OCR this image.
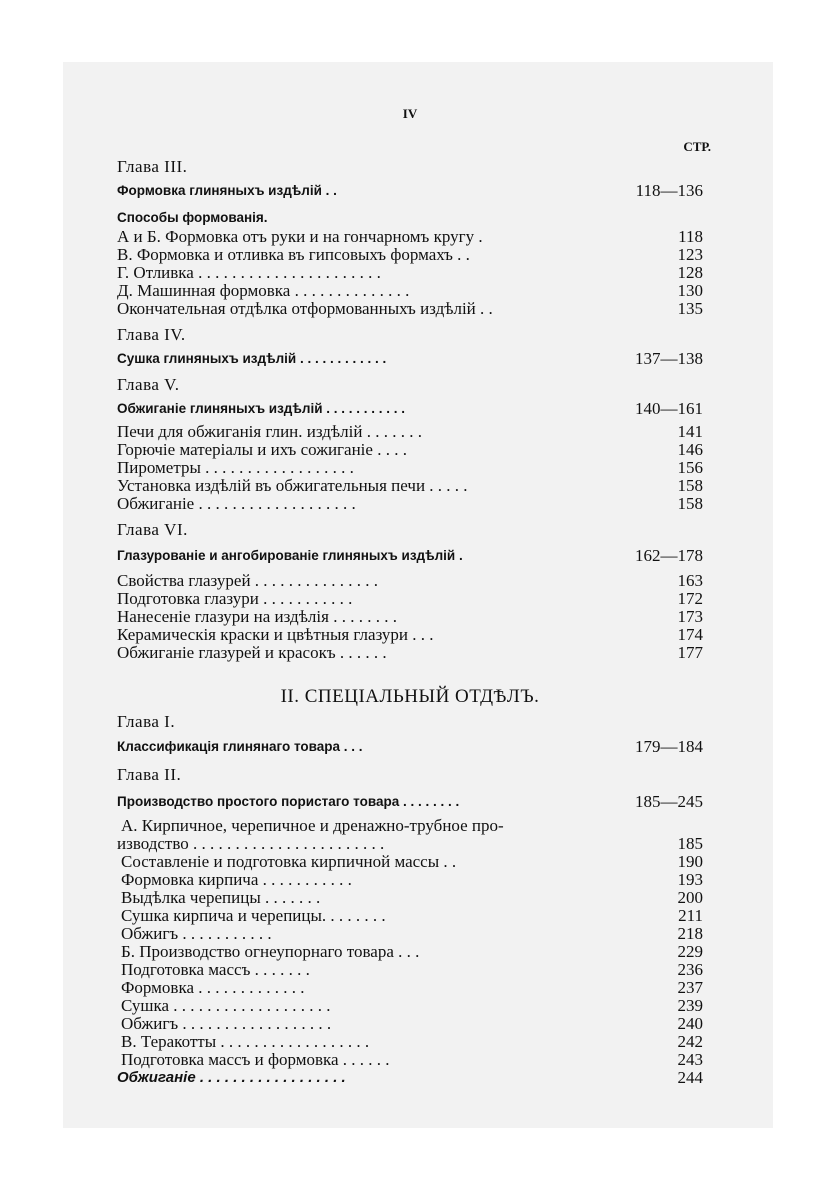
IV
СТР.
Глава III.
Формовка глиняныхъ издѣлій . .	118—136
Способы формованія.
А и Б. Формовка отъ руки и на гончарномъ кругу .	118
В. Формовка и отливка въ гипсовыхъ формахъ . .	123
Г. Отливка . . . . . . . . . . . . . . . . . . . . . .	128
Д. Машинная формовка . . . . . . . . . . . . . .	130
Окончательная отдѣлка отформованныхъ издѣлій . .	135
Глава IV.
Сушка глиняныхъ издѣлій . . . . . . . . . . . .	137—138
Глава V.
Обжиганіе глиняныхъ издѣлій . . . . . . . . . . .	140—161
Печи для обжиганія глин. издѣлій . . . . . . .	141
Горючіе матеріалы и ихъ сожиганіе . . . .	146
Пирометры . . . . . . . . . . . . . . . . . .	156
Установка издѣлій въ обжигательныя печи . . . . .	158
Обжиганіе . . . . . . . . . . . . . . . . . . .	158
Глава VI.
Глазурованіе и ангобированіе глиняныхъ издѣлій .	162—178
Свойства глазурей . . . . . . . . . . . . . . .	163
Подготовка глазури . . . . . . . . . . .	172
Нанесеніе глазури на издѣлія . . . . . . . .	173
Керамическія краски и цвѣтныя глазури . . .	174
Обжиганіе глазурей и красокъ . . . . . .	177
Глава I.
Классификація глинянаго товара . . .	179—184
Глава II.
Производство простого пористаго товара . . . . . . . .	185—245
А. Кирпичное, черепичное и дренажно-трубное про-
изводство . . . . . . . . . . . . . . . . . . . . . . .	185
Составленіе и подготовка кирпичной массы . .	190
Формовка кирпича . . . . . . . . . . .	193
Выдѣлка черепицы . . . . . . .	200
Сушка кирпича и черепицы. . . . . . . .	211
Обжигъ . . . . . . . . . . .	218
Б. Производство огнеупорнаго товара . . .	229
Подготовка массъ . . . . . . .	236
Формовка . . . . . . . . . . . . .	237
Сушка . . . . . . . . . . . . . . . . . . .	239
Обжигъ . . . . . . . . . . . . . . . . . .	240
В. Теракотты . . . . . . . . . . . . . . . . . .	242
Подготовка массъ и формовка . . . . . .	243
Обжиганіе . . . . . . . . . . . . . . . . . .	244
II. СПЕЦIАЛЬНЫЙ ОТДѢЛЪ.
